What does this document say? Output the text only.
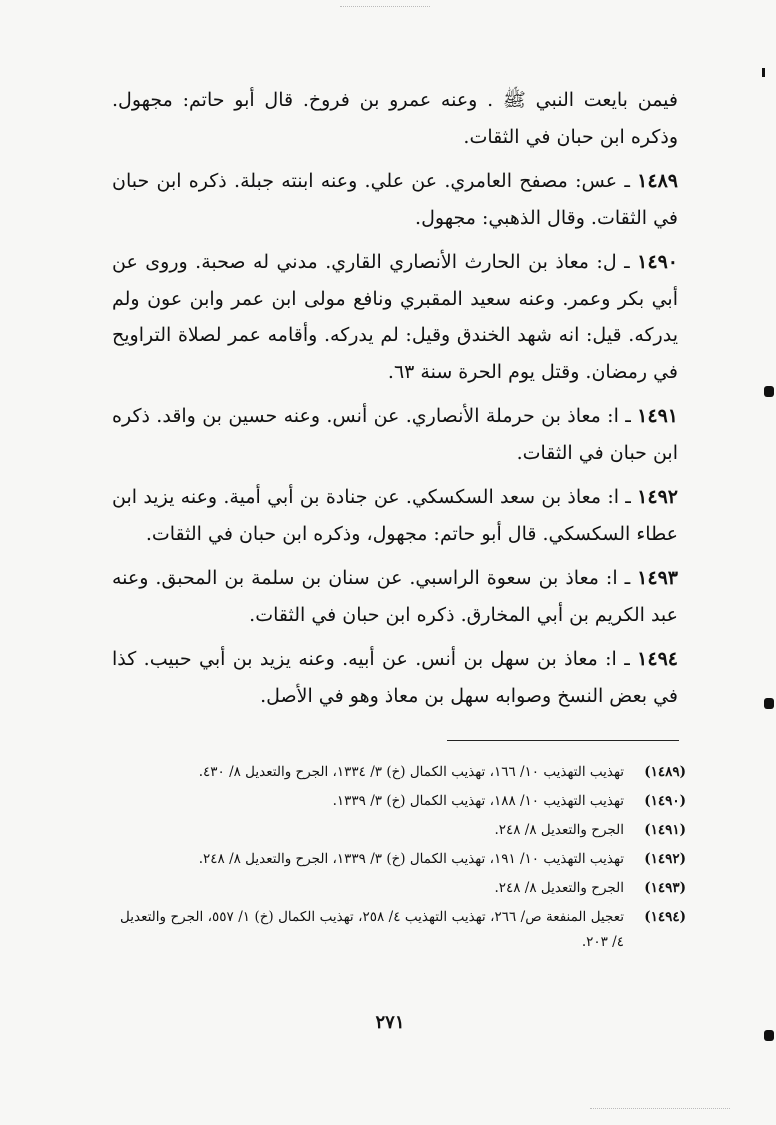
فيمن بايعت النبي ﷺ . وعنه عمرو بن فروخ. قال أبو حاتم: مجهول. وذكره ابن حبان في الثقات.

١٤٨٩ ـ عس: مصفح العامري. عن علي. وعنه ابنته جبلة. ذكره ابن حبان في الثقات. وقال الذهبي: مجهول.

١٤٩٠ ـ ل: معاذ بن الحارث الأنصاري القاري. مدني له صحبة. وروى عن أبي بكر وعمر. وعنه سعيد المقبري ونافع مولى ابن عمر وابن عون ولم يدركه. قيل: انه شهد الخندق وقيل: لم يدركه. وأقامه عمر لصلاة التراويح في رمضان. وقتل يوم الحرة سنة ٦٣.

١٤٩١ ـ ا: معاذ بن حرملة الأنصاري. عن أنس. وعنه حسين بن واقد. ذكره ابن حبان في الثقات.

١٤٩٢ ـ ا: معاذ بن سعد السكسكي. عن جنادة بن أبي أمية. وعنه يزيد ابن عطاء السكسكي. قال أبو حاتم: مجهول، وذكره ابن حبان في الثقات.

١٤٩٣ ـ ا: معاذ بن سعوة الراسبي. عن سنان بن سلمة بن المحبق. وعنه عبد الكريم بن أبي المخارق. ذكره ابن حبان في الثقات.

١٤٩٤ ـ ا: معاذ بن سهل بن أنس. عن أبيه. وعنه يزيد بن أبي حبيب. كذا في بعض النسخ وصوابه سهل بن معاذ وهو في الأصل.

(١٤٨٩)
تهذيب التهذيب ١٠/ ١٦٦، تهذيب الكمال (خ) ٣/ ١٣٣٤، الجرح والتعديل ٨/ ٤٣٠.
(١٤٩٠)
تهذيب التهذيب ١٠/ ١٨٨، تهذيب الكمال (خ) ٣/ ١٣٣٩.
(١٤٩١)
الجرح والتعديل ٨/ ٢٤٨.
(١٤٩٢)
تهذيب التهذيب ١٠/ ١٩١، تهذيب الكمال (خ) ٣/ ١٣٣٩، الجرح والتعديل ٨/ ٢٤٨.
(١٤٩٣)
الجرح والتعديل ٨/ ٢٤٨.
(١٤٩٤)
تعجيل المنفعة ص/ ٢٦٦، تهذيب التهذيب ٤/ ٢٥٨، تهذيب الكمال (خ) ١/ ٥٥٧، الجرح والتعديل ٤/ ٢٠٣.
٢٧١
